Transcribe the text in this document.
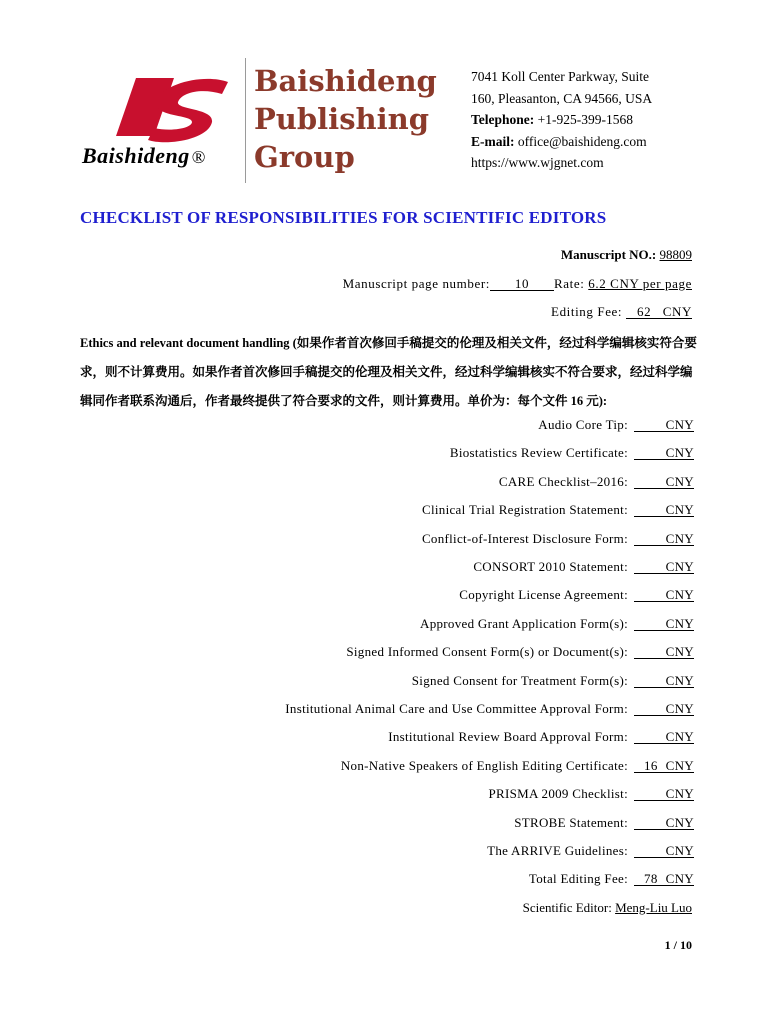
Baishideng ®
Baishideng
Publishing
Group
7041 Koll Center Parkway, Suite
160, Pleasanton, CA 94566, USA
Telephone: +1-925-399-1568
E-mail: office@baishideng.com
https://www.wjgnet.com
CHECKLIST OF RESPONSIBILITIES FOR SCIENTIFIC EDITORS
Manuscript NO.: 98809
Manuscript page number: 10 Rate: 6.2 CNY per page
Editing Fee: 62 CNY
Ethics and relevant document handling (如果作者首次修回手稿提交的伦理及相关文件，经过科学编辑核实符合要求，则不计算费用。如果作者首次修回手稿提交的伦理及相关文件，经过科学编辑核实不符合要求，经过科学编辑同作者联系沟通后，作者最终提供了符合要求的文件，则计算费用。单价为：每个文件 16 元):
Audio Core Tip:	CNY
Biostatistics Review Certificate:	CNY
CARE Checklist–2016:	CNY
Clinical Trial Registration Statement:	CNY
Conflict-of-Interest Disclosure Form:	CNY
CONSORT 2010 Statement:	CNY
Copyright License Agreement:	CNY
Approved Grant Application Form(s):	CNY
Signed Informed Consent Form(s) or Document(s):	CNY
Signed Consent for Treatment Form(s):	CNY
Institutional Animal Care and Use Committee Approval Form:	CNY
Institutional Review Board Approval Form:	CNY
Non-Native Speakers of English Editing Certificate: 16 CNY
PRISMA 2009 Checklist:	CNY
STROBE Statement:	CNY
The ARRIVE Guidelines:	CNY
Total Editing Fee: 78 CNY
Scientific Editor: Meng-Liu Luo
1 / 10
